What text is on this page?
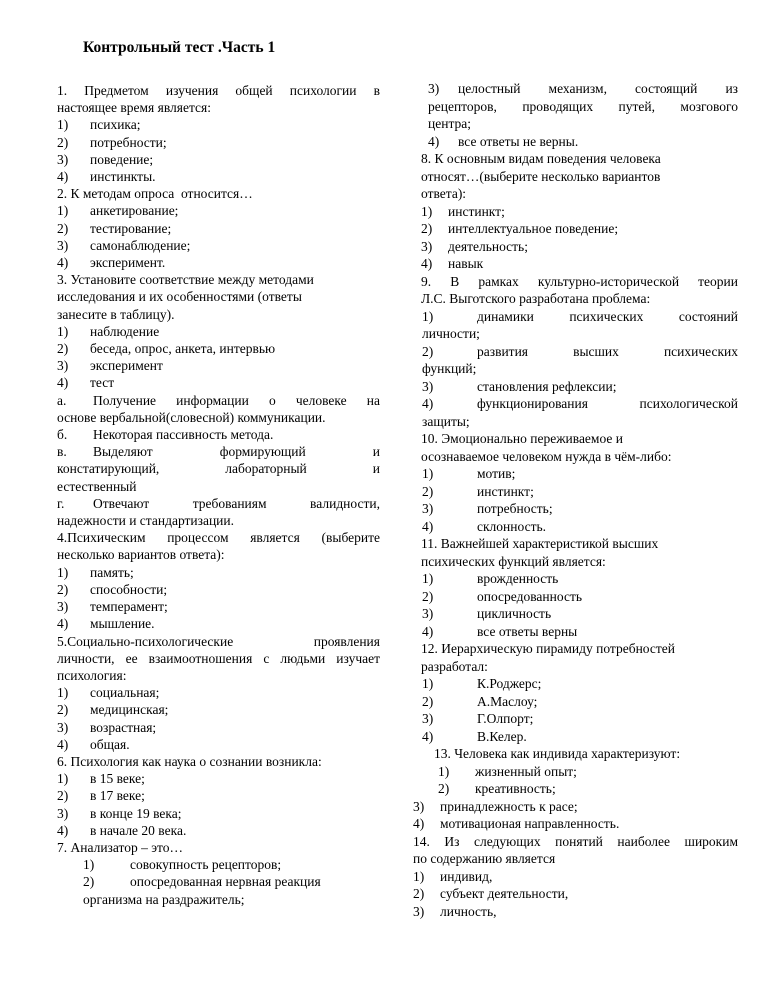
Контрольный тест .Часть 1
1. Предметом изучения общей психологии в
настоящее время является:
1) психика;
2) потребности;
3) поведение;
4) инстинкты.
2. К методам опроса  относится…
1) анкетирование;
2) тестирование;
3) самонаблюдение;
4) эксперимент.
3. Установите соответствие между методами
исследования и их особенностями (ответы
занесите в таблицу).
1) наблюдение
2) беседа, опрос, анкета, интервью
3) эксперимент
4) тест
а. Получение информации о человеке на
основе вербальной(словесной) коммуникации.
б. Некоторая пассивность метода.
в. Выделяют формирующий и
констатирующий, лабораторный и
естественный
г. Отвечают требованиям валидности,
надежности и стандартизации.
4.Психическим процессом является (выберите
несколько вариантов ответа):
1) память;
2) способности;
3) темперамент;
4) мышление.
5.Социально-психологические проявления
личности, ее взаимоотношения с людьми изучает
психология:
1) социальная;
2) медицинская;
3) возрастная;
4) общая.
6. Психология как наука о сознании возникла:
1) в 15 веке;
2) в 17 веке;
3) в конце 19 века;
4) в начале 20 века.
7. Анализатор – это…
1)	совокупность рецепторов;
2)	опосредованная нервная реакция
организма на раздражитель;
3) целостный механизм, состоящий из
рецепторов, проводящих путей, мозгового
центра;
4) все ответы не верны.
8. К основным видам поведения человека
относят…(выберите несколько вариантов
ответа):
1) инстинкт;
2) интеллектуальное поведение;
3) деятельность;
4) навык
9. В рамках культурно-исторической теории
Л.С. Выготского разработана проблема:
1)	динамики психических состояний
личности;
2)	развития высших психических
функций;
3)	становления рефлексии;
4)	функционирования психологической
защиты;
10. Эмоционально переживаемое и
осознаваемое человеком нужда в чём-либо:
1)	мотив;
2)	инстинкт;
3)	потребность;
4)	склонность.
11. Важнейшей характеристикой высших
психических функций является:
1)	врожденность
2)	опосредованность
3)	цикличность
4)	все ответы верны
12. Иерархическую пирамиду потребностей
разработал:
1)	К.Роджерс;
2)	А.Маслоу;
3)	Г.Олпорт;
4)	В.Келер.
13. Человека как индивида характеризуют:
1) жизненный опыт;
2) креативность;
3) принадлежность к расе;
4) мотивационая направленность.
14. Из следующих понятий наиболее широким
по содержанию является
1) индивид,
2) субъект деятельности,
3) личность,
